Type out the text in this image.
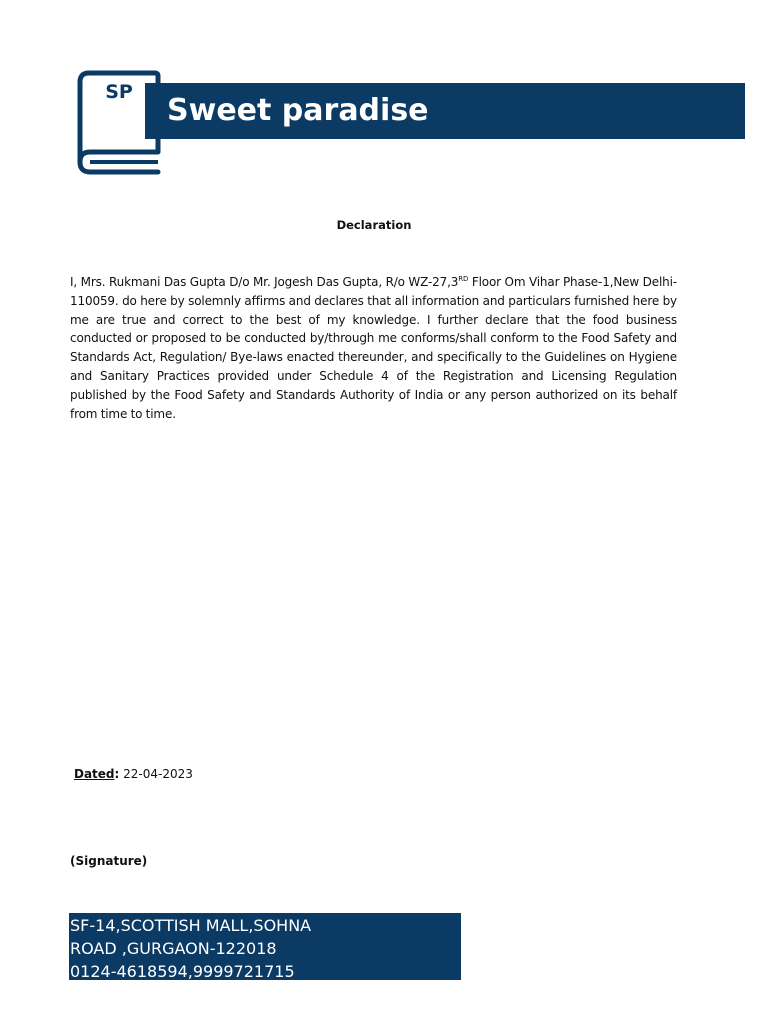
SP
Sweet paradise
Declaration

I, Mrs. Rukmani Das Gupta D/o Mr. Jogesh Das Gupta, R/o WZ-27,3RD Floor Om Vihar Phase-1,New Delhi-110059. do here by solemnly affirms and declares that all information and particulars furnished here by me are true and correct to the best of my knowledge. I further declare that the food business conducted or proposed to be conducted by/through me conforms/shall conform to the Food Safety and Standards Act, Regulation/ Bye-laws enacted thereunder, and specifically to the Guidelines on Hygiene and Sanitary Practices provided under Schedule 4 of the Registration and Licensing Regulation published by the Food Safety and Standards Authority of India or any person authorized on its behalf from time to time.

Dated: 22-04-2023

(Signature)

SF-14,SCOTTISH MALL,SOHNA
ROAD ,GURGAON-122018
0124-4618594,9999721715
